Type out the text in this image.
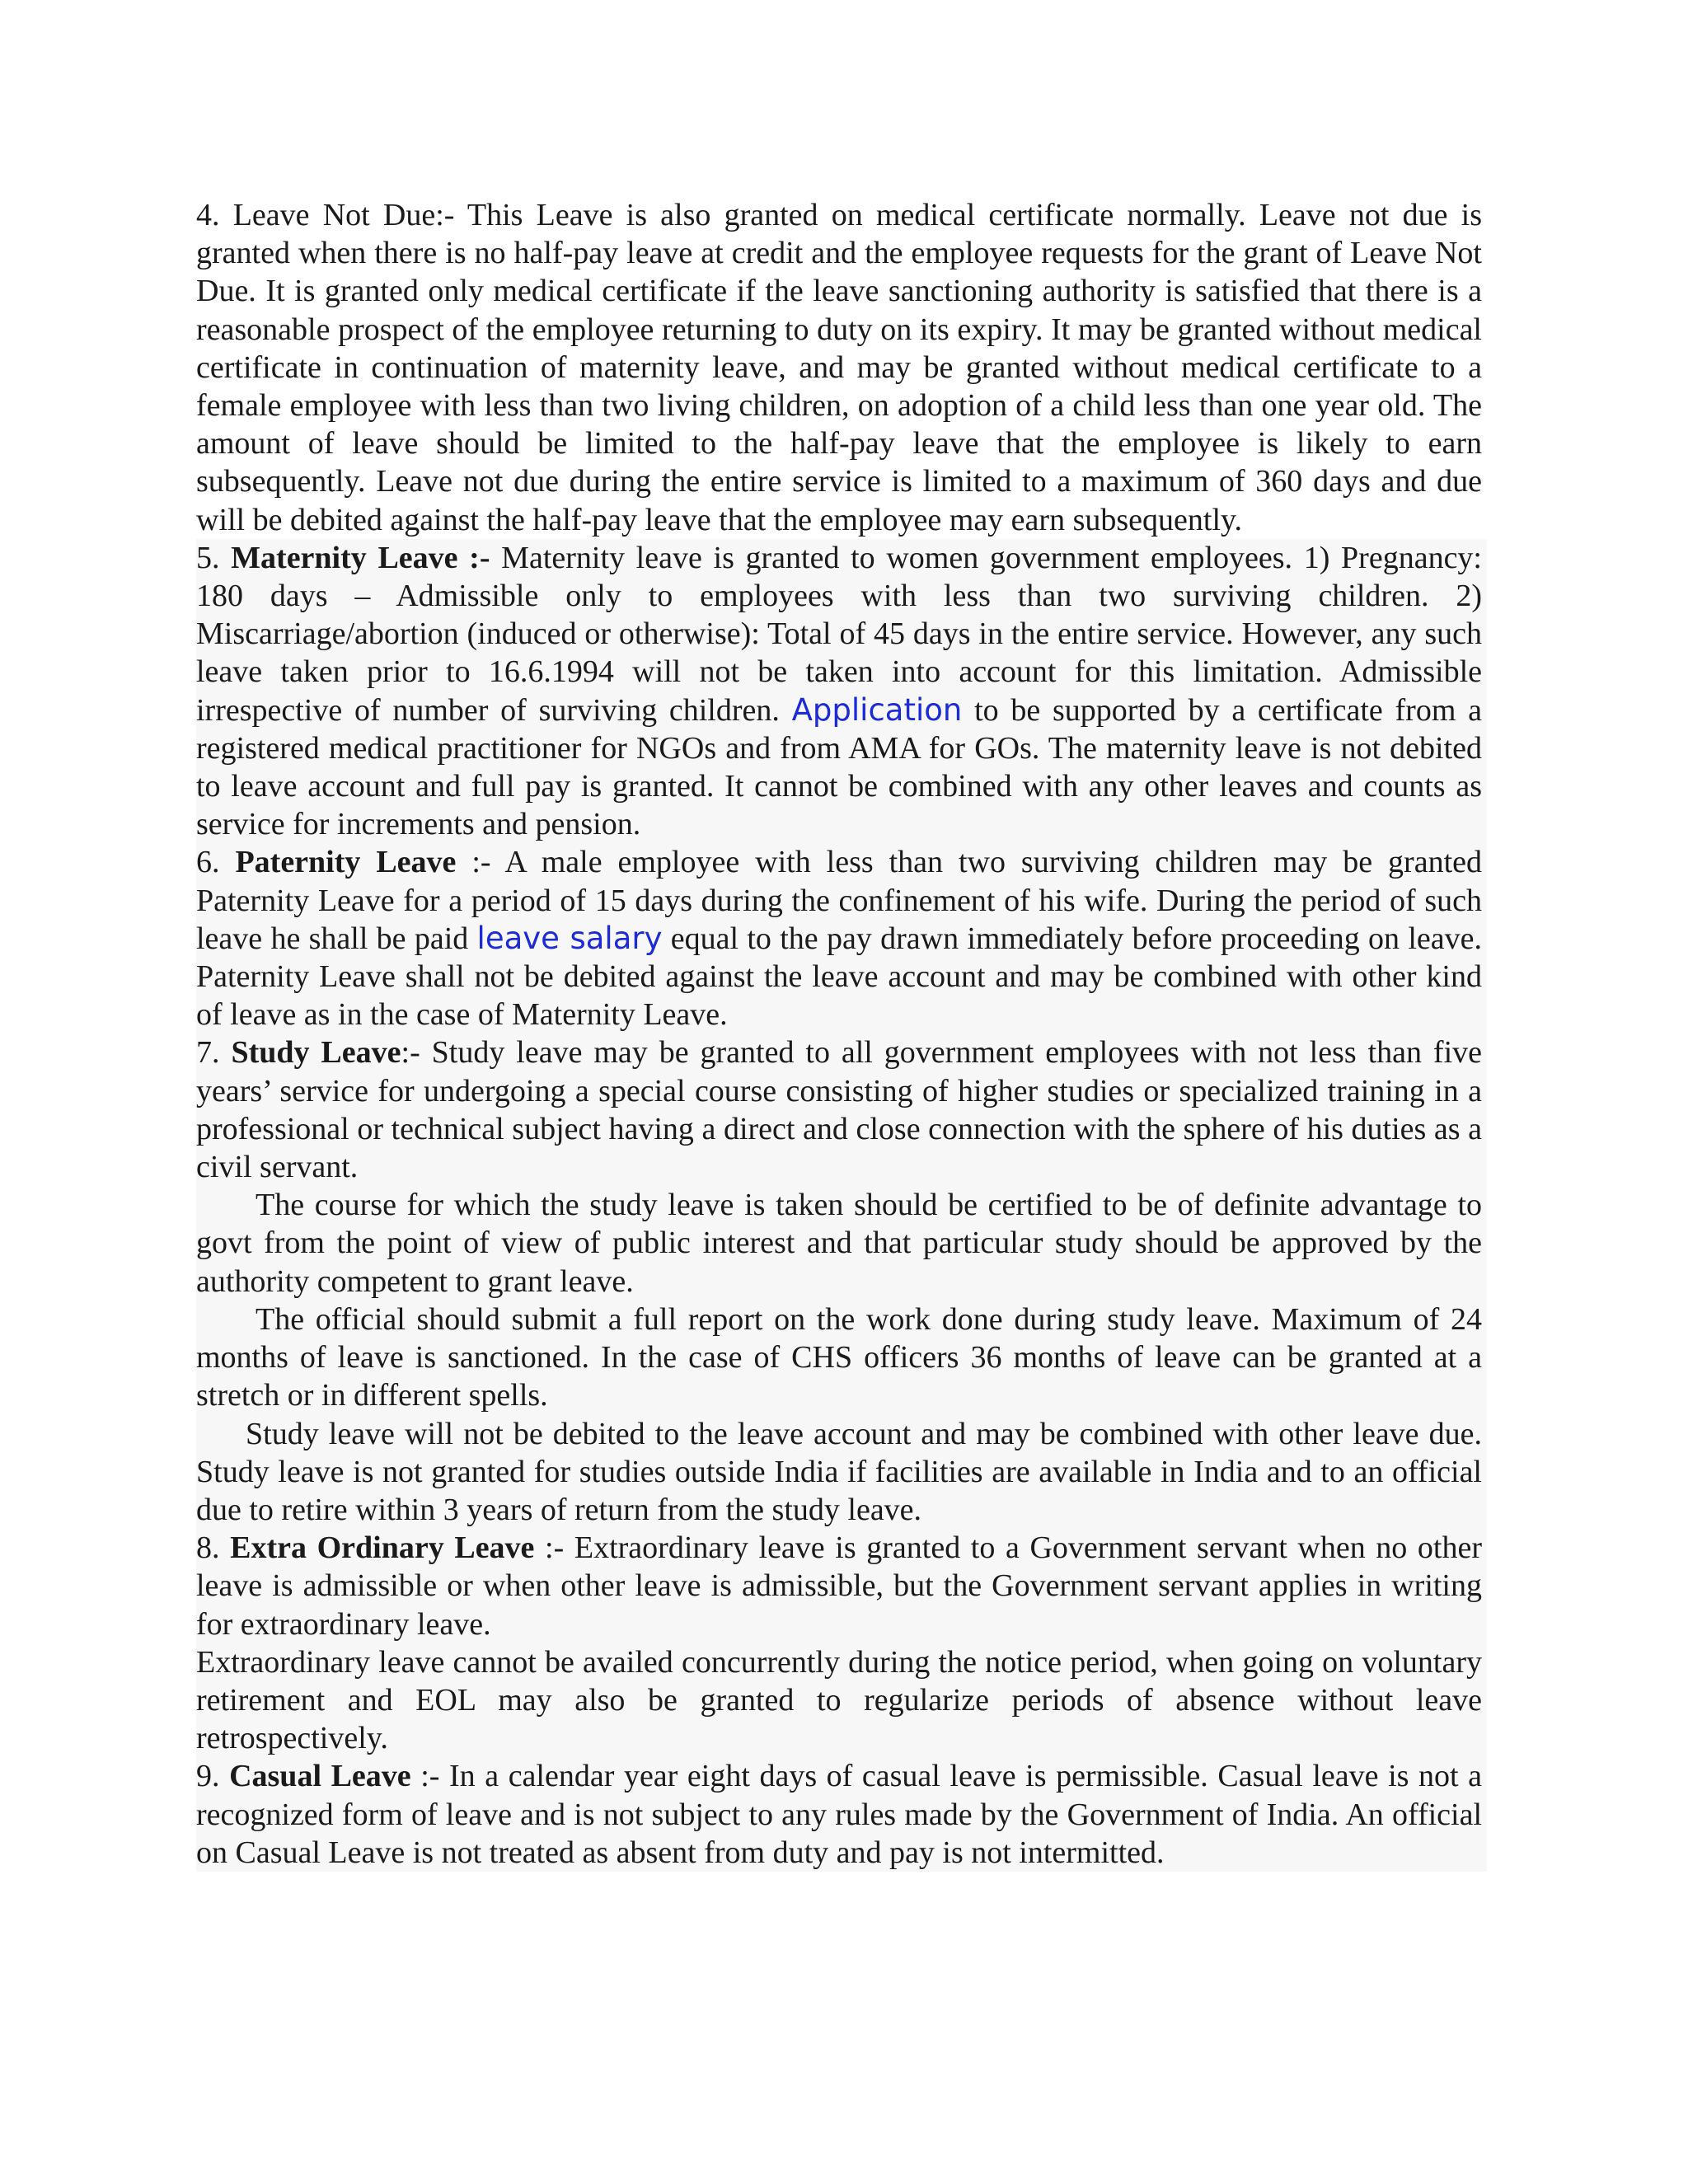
4. Leave Not Due:- This Leave is also granted on medical certificate normally. Leave not due is granted when there is no half-pay leave at credit and the employee requests for the grant of Leave Not Due. It is granted only medical certificate if the leave sanctioning authority is satisfied that there is a reasonable prospect of the employee returning to duty on its expiry. It may be granted without medical certificate in continuation of maternity leave, and may be granted without medical certificate to a female employee with less than two living children, on adoption of a child less than one year old. The amount of leave should be limited to the half-pay leave that the employee is likely to earn subsequently. Leave not due during the entire service is limited to a maximum of 360 days and due will be debited against the half-pay leave that the employee may earn subsequently.

5. Maternity Leave :- Maternity leave is granted to women government employees. 1) Pregnancy: 180 days – Admissible only to employees with less than two surviving children. 2) Miscarriage/abortion (induced or otherwise): Total of 45 days in the entire service. However, any such leave taken prior to 16.6.1994 will not be taken into account for this limitation. Admissible irrespective of number of surviving children. Application to be supported by a certificate from a registered medical practitioner for NGOs and from AMA for GOs. The maternity leave is not debited to leave account and full pay is granted. It cannot be combined with any other leaves and counts as service for increments and pension.

6. Paternity Leave :- A male employee with less than two surviving children may be granted Paternity Leave for a period of 15 days during the confinement of his wife. During the period of such leave he shall be paid leave salary equal to the pay drawn immediately before proceeding on leave. Paternity Leave shall not be debited against the leave account and may be combined with other kind of leave as in the case of Maternity Leave.

7. Study Leave:- Study leave may be granted to all government employees with not less than five years’ service for undergoing a special course consisting of higher studies or specialized training in a professional or technical subject having a direct and close connection with the sphere of his duties as a civil servant.

The course for which the study leave is taken should be certified to be of definite advantage to govt from the point of view of public interest and that particular study should be approved by the authority competent to grant leave.

The official should submit a full report on the work done during study leave. Maximum of 24 months of leave is sanctioned. In the case of CHS officers 36 months of leave can be granted at a stretch or in different spells.

Study leave will not be debited to the leave account and may be combined with other leave due. Study leave is not granted for studies outside India if facilities are available in India and to an official due to retire within 3 years of return from the study leave.

8. Extra Ordinary Leave :- Extraordinary leave is granted to a Government servant when no other leave is admissible or when other leave is admissible, but the Government servant applies in writing for extraordinary leave.

Extraordinary leave cannot be availed concurrently during the notice period, when going on voluntary retirement and EOL may also be granted to regularize periods of absence without leave retrospectively.

9. Casual Leave :- In a calendar year eight days of casual leave is permissible. Casual leave is not a recognized form of leave and is not subject to any rules made by the Government of India. An official on Casual Leave is not treated as absent from duty and pay is not intermitted.
